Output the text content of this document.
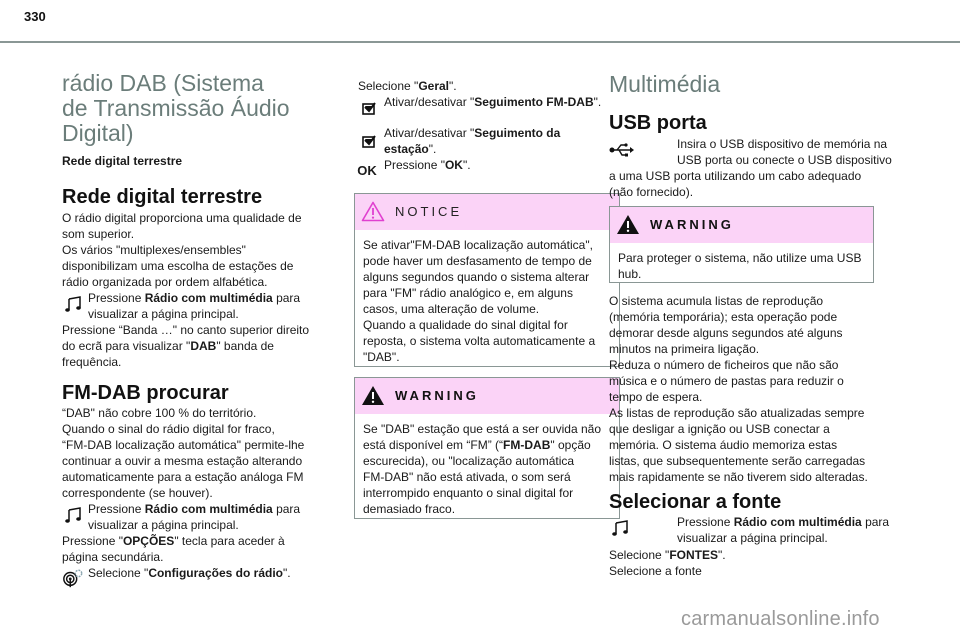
330
rádio DAB (Sistema
de Transmissão Áudio
Digital)
Rede digital terrestre
Rede digital terrestre
O rádio digital proporciona uma qualidade de
som superior.
Os vários "multiplexes/ensembles"
disponibilizam uma escolha de estações de
rádio organizada por ordem alfabética.
Pressione Rádio com multimédia para
visualizar a página principal.
Pressione “Banda …" no canto superior direito
do ecrã para visualizar "DAB" banda de
frequência.
FM-DAB procurar
“DAB" não cobre 100 % do território.
Quando o sinal do rádio digital for fraco,
“FM-DAB localização automática" permite-lhe
continuar a ouvir a mesma estação alterando
automaticamente para a estação análoga FM
correspondente (se houver).
Pressione Rádio com multimédia para
visualizar a página principal.
Pressione "OPÇÕES" tecla para aceder à
página secundária.
Selecione "Configurações do rádio".
Selecione "Geral".
Ativar/desativar "Seguimento FM-DAB".
Ativar/desativar "Seguimento da
estação".
OK Pressione "OK".
NOTICE
Se ativar"FM-DAB localização automática",
pode haver um desfasamento de tempo de
alguns segundos quando o sistema alterar
para "FM" rádio analógico e, em alguns
casos, uma alteração de volume.
Quando a qualidade do sinal digital for
reposta, o sistema volta automaticamente a
"DAB".
WARNING
Se "DAB" estação que está a ser ouvida não
está disponível em “FM” (“FM-DAB" opção
escurecida), ou "localização automática
FM-DAB" não está ativada, o som será
interrompido enquanto o sinal digital for
demasiado fraco.
Multimédia
USB porta
Insira o USB dispositivo de memória na
USB porta ou conecte o USB dispositivo
a uma USB porta utilizando um cabo adequado
(não fornecido).
WARNING
Para proteger o sistema, não utilize uma USB
hub.
O sistema acumula listas de reprodução
(memória temporária); esta operação pode
demorar desde alguns segundos até alguns
minutos na primeira ligação.
Reduza o número de ficheiros que não são
música e o número de pastas para reduzir o
tempo de espera.
As listas de reprodução são atualizadas sempre
que desligar a ignição ou USB conectar a
memória. O sistema áudio memoriza estas
listas, que subsequentemente serão carregadas
mais rapidamente se não tiverem sido alteradas.
Selecionar a fonte
Pressione Rádio com multimédia para
visualizar a página principal.
Selecione "FONTES".
Selecione a fonte
carmanualsonline.info
